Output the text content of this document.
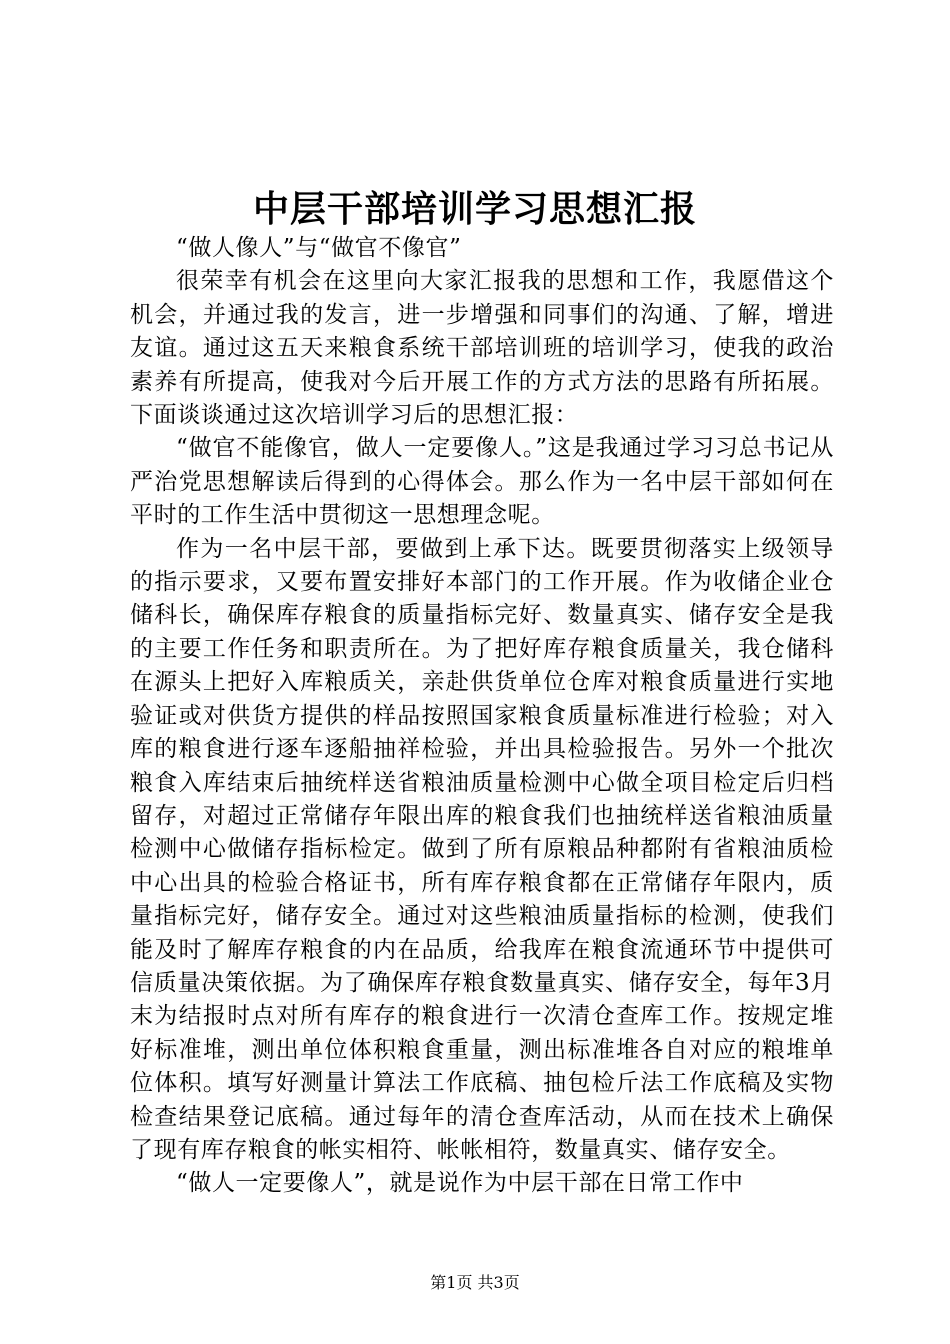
中层干部培训学习思想汇报

“做人像人”与“做官不像官”

很荣幸有机会在这里向大家汇报我的思想和工作，我愿借这个机会，并通过我的发言，进一步增强和同事们的沟通、了解，增进友谊。通过这五天来粮食系统干部培训班的培训学习，使我的政治素养有所提高，使我对今后开展工作的方式方法的思路有所拓展。下面谈谈通过这次培训学习后的思想汇报：

“做官不能像官，做人一定要像人。”这是我通过学习习总书记从严治党思想解读后得到的心得体会。那么作为一名中层干部如何在平时的工作生活中贯彻这一思想理念呢。

作为一名中层干部，要做到上承下达。既要贯彻落实上级领导的指示要求，又要布置安排好本部门的工作开展。作为收储企业仓储科长，确保库存粮食的质量指标完好、数量真实、储存安全是我的主要工作任务和职责所在。为了把好库存粮食质量关，我仓储科在源头上把好入库粮质关，亲赴供货单位仓库对粮食质量进行实地验证或对供货方提供的样品按照国家粮食质量标准进行检验；对入库的粮食进行逐车逐船抽祥检验，并出具检验报告。另外一个批次粮食入库结束后抽统样送省粮油质量检测中心做全项目检定后归档留存，对超过正常储存年限出库的粮食我们也抽统样送省粮油质量检测中心做储存指标检定。做到了所有原粮品种都附有省粮油质检中心出具的检验合格证书，所有库存粮食都在正常储存年限内，质量指标完好，储存安全。通过对这些粮油质量指标的检测，使我们能及时了解库存粮食的内在品质，给我库在粮食流通环节中提供可信质量决策依据。为了确保库存粮食数量真实、储存安全，每年3月末为结报时点对所有库存的粮食进行一次清仓查库工作。按规定堆好标准堆，测出单位体积粮食重量，测出标准堆各自对应的粮堆单位体积。填写好测量计算法工作底稿、抽包检斤法工作底稿及实物检查结果登记底稿。通过每年的清仓查库活动，从而在技术上确保了现有库存粮食的帐实相符、帐帐相符，数量真实、储存安全。

“做人一定要像人”，就是说作为中层干部在日常工作中

第1页 共3页
